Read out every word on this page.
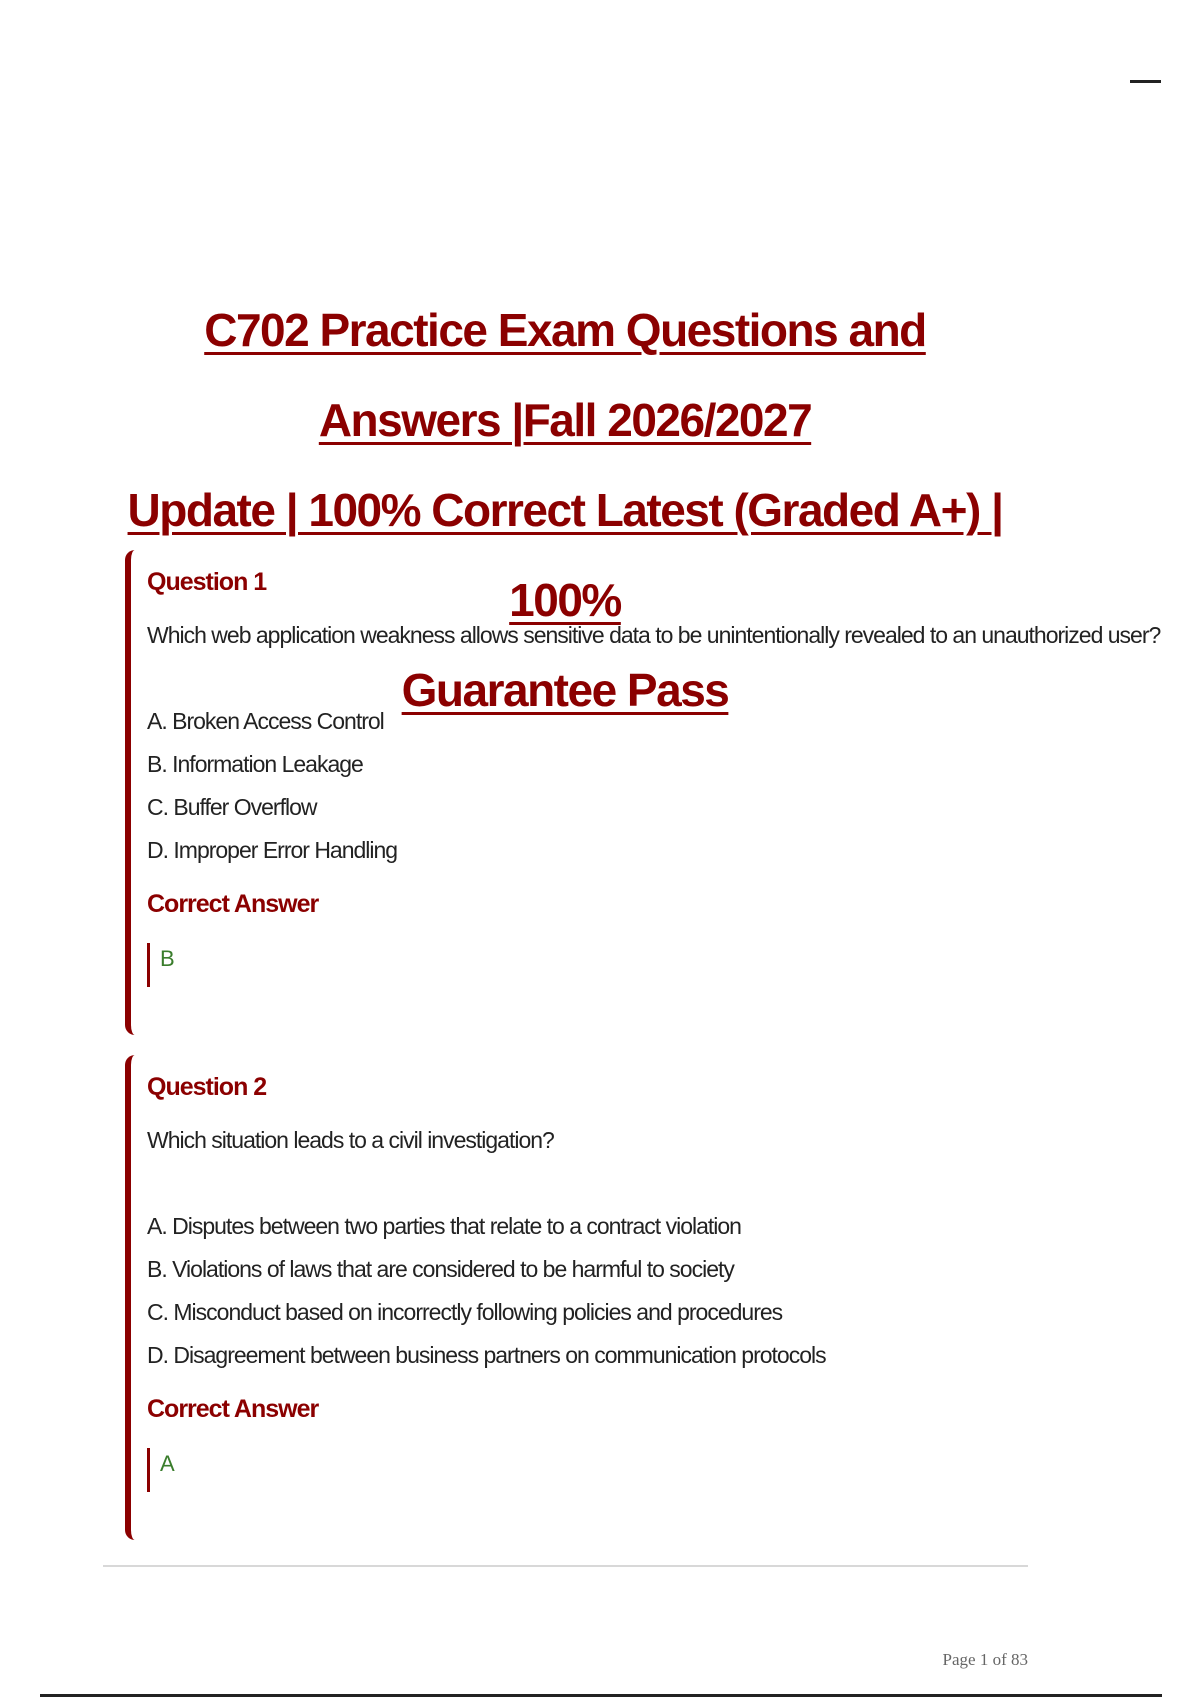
C702 Practice Exam Questions and Answers |Fall 2026/2027
Update | 100% Correct Latest (Graded A+) | 100%
Guarantee Pass
Question 1
Which web application weakness allows sensitive data to be unintentionally revealed to an unauthorized user?
A. Broken Access Control
B. Information Leakage
C. Buffer Overflow
D. Improper Error Handling
Correct Answer
B
Question 2
Which situation leads to a civil investigation?
A. Disputes between two parties that relate to a contract violation
B. Violations of laws that are considered to be harmful to society
C. Misconduct based on incorrectly following policies and procedures
D. Disagreement between business partners on communication protocols
Correct Answer
A
Page 1 of 83
